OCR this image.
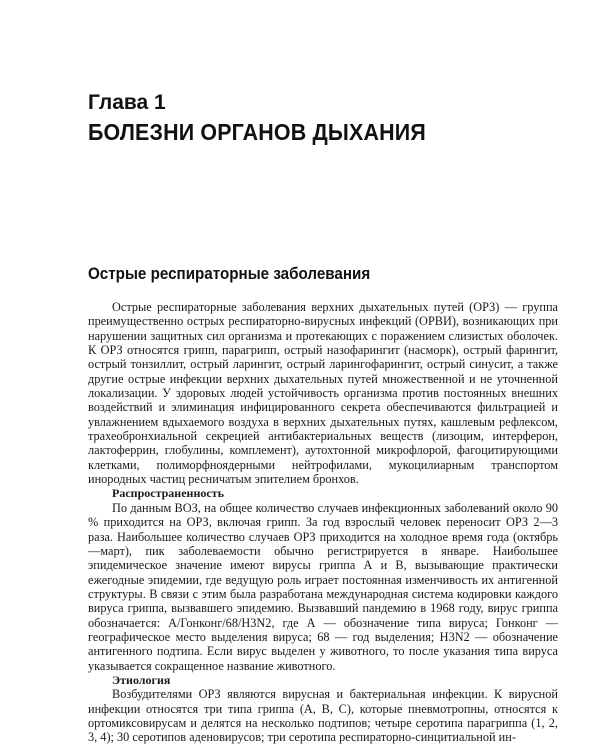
Глава 1
БОЛЕЗНИ ОРГАНОВ ДЫХАНИЯ
Острые респираторные заболевания

Острые респираторные заболевания верхних дыхательных путей (ОРЗ) — группа преимущественно острых респираторно-вирусных инфекций (ОРВИ), возникающих при нарушении защитных сил организма и протекающих с поражением слизистых оболочек. К ОРЗ относятся грипп, парагрипп, острый назофарингит (насморк), острый фарингит, острый тонзиллит, острый ларингит, острый ларингофарингит, острый синусит, а также другие острые инфекции верхних дыхательных путей множественной и не уточненной локализации. У здоровых людей устойчивость организма против постоянных внешних воздействий и элиминация инфицированного секрета обеспечиваются фильтрацией и увлажнением вдыхаемого воздуха в верхних дыхательных путях, кашлевым рефлексом, трахеобронхиальной секрецией антибактериальных веществ (лизоцим, интерферон, лактоферрин, глобулины, комплемент), аутохтонной микрофлорой, фагоцитирующими клетками, полиморфноядерными нейтрофилами, мукоцилиарным транспортом инородных частиц ресничатым эпителием бронхов.

Распространенность

По данным ВОЗ, на общее количество случаев инфекционных заболеваний около 90 % приходится на ОРЗ, включая грипп. За год взрослый человек переносит ОРЗ 2—3 раза. Наибольшее количество случаев ОРЗ приходится на холодное время года (октябрь—март), пик заболеваемости обычно регистрируется в январе. Наибольшее эпидемическое значение имеют вирусы гриппа А и В, вызывающие практически ежегодные эпидемии, где ведущую роль играет постоянная изменчивость их антигенной структуры. В связи с этим была разработана международная система кодировки каждого вируса гриппа, вызвавшего эпидемию. Вызвавший пандемию в 1968 году, вирус гриппа обозначается: А/Гонконг/68/H3N2, где А — обозначение типа вируса; Гонконг — географическое место выделения вируса; 68 — год выделения; H3N2 — обозначение антигенного подтипа. Если вирус выделен у животного, то после указания типа вируса указывается сокращенное название животного.

Этиология

Возбудителями ОРЗ являются вирусная и бактериальная инфекции. К вирусной инфекции относятся три типа гриппа (А, В, С), которые пневмотропны, относятся к ортомиксовирусам и делятся на несколько подтипов; четыре серотипа парагриппа (1, 2, 3, 4); 30 серотипов аденовирусов; три серотипа респираторно-синцитиальной ин-
